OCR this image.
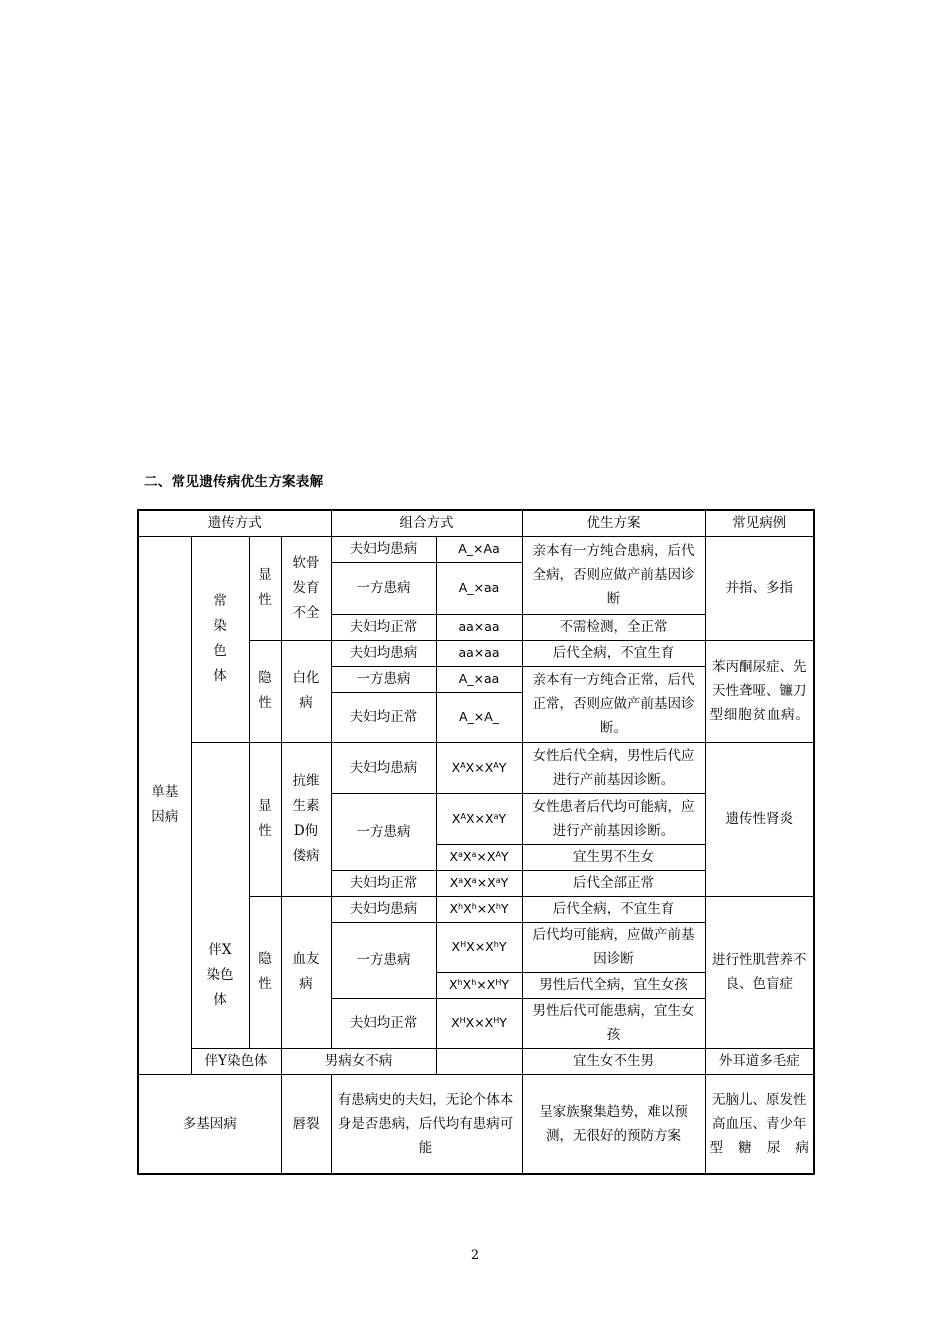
二、常见遗传病优生方案表解
遗传方式				组合方式		优生方案	常见病例
单基因病	常染色体	显性	软骨发育不全	夫妇均患病	A_×Aa	亲本有一方纯合患病，后代全病，否则应做产前基因诊断	并指、多指
				一方患病	A_×aa		

				夫妇均正常	aa×aa	不需检测，全正常	
		隐性	白化病	夫妇均患病	aa×aa	后代全病，不宜生育	苯丙酮尿症、先天性聋哑、镰刀型细胞贫血病。
				一方患病	A_×aa	亲本有一方纯合正常，后代正常，否则应做产前基因诊断。	
				夫妇均正常	A_×A_		

	伴X染色体	显性	抗维生素D佝偻病	夫妇均患病	$X^AX\times X^AY$	女性后代全病，男性后代应进行产前基因诊断。	遗传性肾炎

				一方患病	$X^AX\times X^aY$	女性患者后代均可能病，应进行产前基因诊断。	

					$X^aX^a\times X^AY$	宜生男不生女	
				夫妇均正常	$X^aX^a\times X^aY$	后代全部正常	
		隐性	血友病	夫妇均患病	$X^hX^h\times X^hY$	后代全病，不宜生育	进行性肌营养不良、色盲症
				一方患病	$X^HX\times X^hY$	后代均可能病，应做产前基因诊断	
					$X^hX^h\times X^HY$	男性后代全病，宜生女孩	
				夫妇均正常	$X^HX\times X^HY$	男性后代可能患病，宜生女孩	

	伴Y染色体		男病女不病			宜生女不生男	外耳道多毛症
多基因病			唇裂	有患病史的夫妇，无论个体本身是否患病，后代均有患病可能		呈家族聚集趋势，难以预测，无很好的预防方案	无脑儿、原发性高血压、青少年型糖尿病
2
